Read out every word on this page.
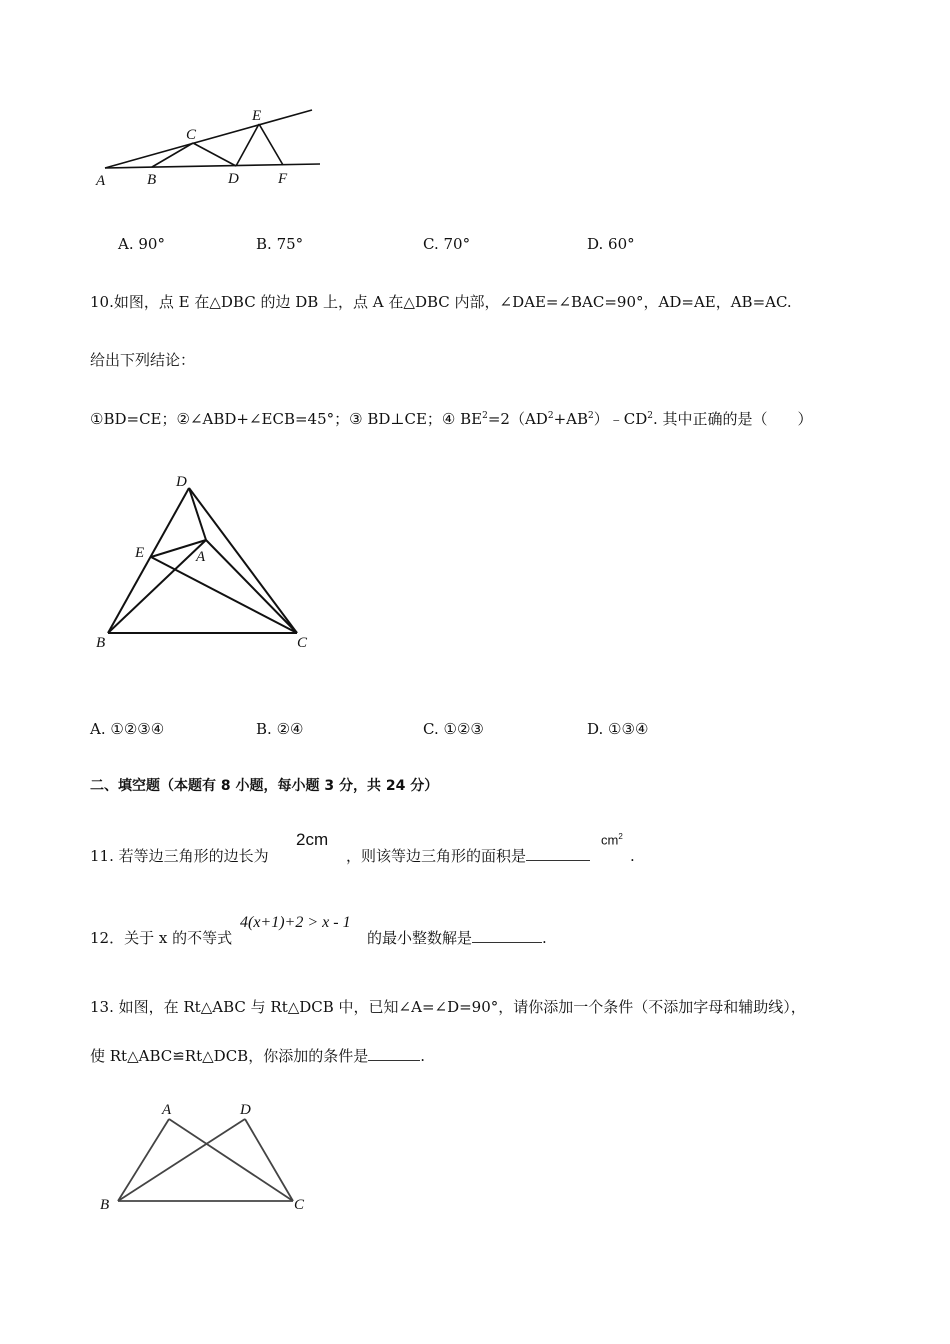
A	B
C
D
E
F
A. 90°	B. 75°	C. 70°	D. 60°
10.如图，点 E 在△DBC 的边 DB 上，点 A 在△DBC 内部，∠DAE=∠BAC=90°，AD=AE，AB=AC.
给出下列结论：
①BD=CE；②∠ABD+∠ECB=45°；③ BD⊥CE；④ $BE^2=2(AD^2+AB^2)﹣CD^2$. 其中正确的是（　　）
D
E	A
B	C
A. ①②③④	B. ②④	C. ①②③	D. ①③④
二、填空题（本题有 8 小题，每小题 3 分，共 24 分）
11. 若等边三角形的边长为
2cm
，则该等边三角形的面积是
$cm^2$
.
12．关于 x 的不等式
4(x+1)+2 > x - 1
的最小整数解是	.
13. 如图，在 Rt△ABC 与 Rt△DCB 中，已知∠A=∠D=90°，请你添加一个条件（不添加字母和辅助线），
使 Rt△ABC≌Rt△DCB，你添加的条件是	.
A	D
B	C
